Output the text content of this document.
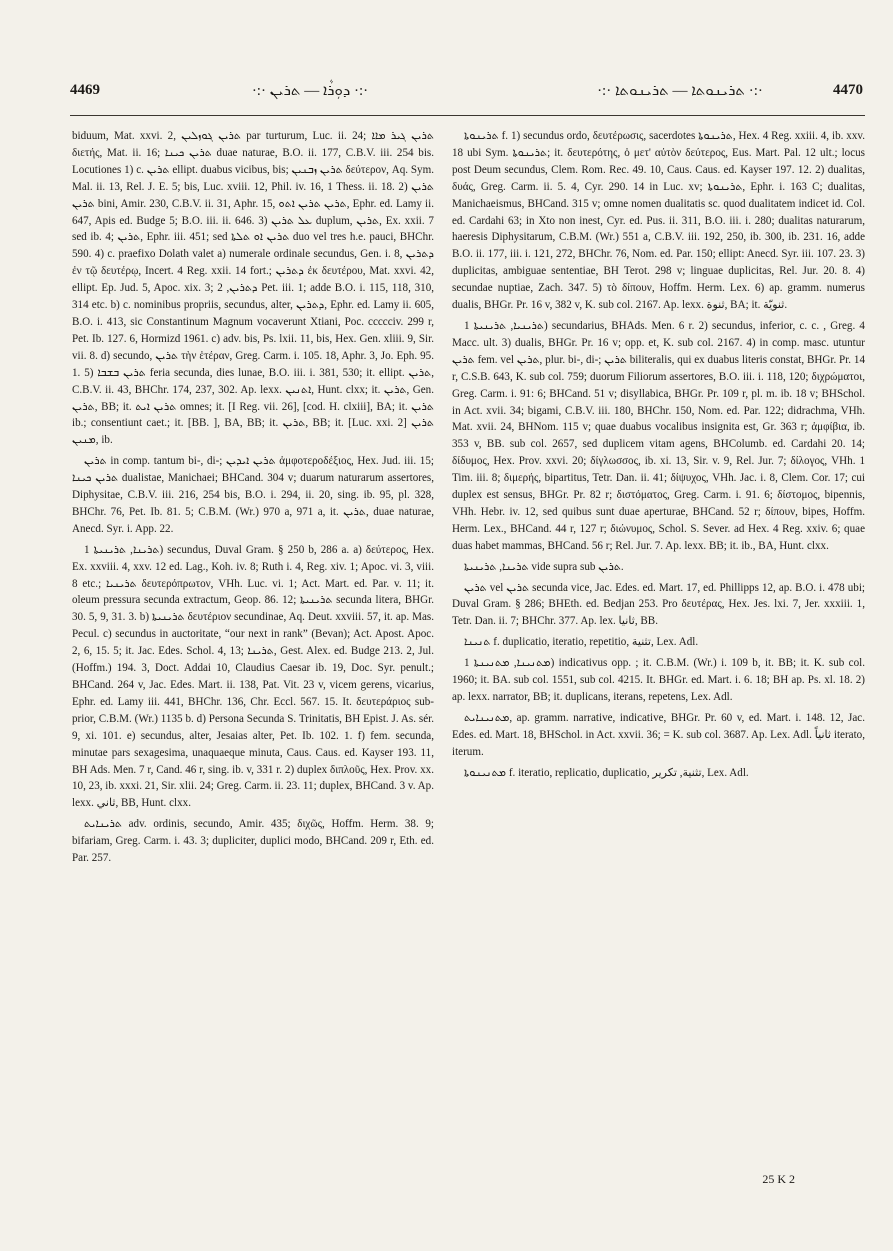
4469	·:· ܕܘܼܪܵܐ — ܬܪܝܢ ·:·	·:· ܬܪܝܢܘܬܐ — ܬܪܝܢܘܬܐ ·:·	4470

biduum, Mat. xxvi. 2, ܬܪܝܢ ܓܘܙܠܝܢ par turturum, Luc. ii. 24; ܬܪܝܢ ܓܝܪ ܡܐܐ διετής, Mat. ii. 16; ܬܪܝܢ ܟܝܢܐ duae naturae, B.O. ii. 177, C.B.V. iii. 254 bis. Locutiones 1) c. ܬܪܝܢ ellipt. duabus vicibus, bis; ܬܪܝܢ ܙܒܢܝܢ δεύτερον, Aq. Sym. Mal. ii. 13, Rel. J. E. 5; bis, Luc. xviii. 12, Phil. iv. 16, 1 Thess. ii. 18. 2) ܬܪܝܢ ܬܪܝܢ bini, Amir. 230, C.B.V. ii. 31, Aphr. 15, ܬܪܝܢ ܬܪܝܢ ܐܬܘ, Ephr. ed. Lamy ii. 647, Apis ed. Budge 5; B.O. iii. ii. 646. 3) ܥܠ ܬܪܝܢ duplum, ܬܪܝܢ, Ex. xxii. 7 sed ib. 4; ܬܪܝܢ, Ephr. iii. 451; sed ܬܪܝܢ ܐܘ ܬܠܬܐ duo vel tres h.e. pauci, BHChr. 590. 4) c. praefixo Dolath valet a) numerale ordinale secundus, Gen. i. 8, ܕܬܪܝܢ ἐν τῷ δευτέρῳ, Incert. 4 Reg. xxii. 14 fort.; ܕܬܪܝܢ ἐκ δευτέρου, Mat. xxvi. 42, ellipt. Ep. Jud. 5, Apoc. xix. 3; ܕܬܪܝܢ, 2 Pet. iii. 1; adde B.O. i. 115, 118, 310, 314 etc. b) c. nominibus propriis, secundus, alter, ܕܬܪܝܢ, Ephr. ed. Lamy ii. 605, B.O. i. 413, sic Constantinum Magnum vocaverunt Xtiani, Poc. ccccciv. 299 r, Pet. Ib. 127. 6, Hormizd 1961. c) adv. bis, Ps. lxii. 11, bis, Hex. Gen. xliii. 9, Sir. vii. 8. d) secundo, ܬܪܝܢ τὴν ἑτέραν, Greg. Carm. i. 105. 18, Aphr. 3, Jo. Eph. 95. 1. 5) ܬܪܝܢ ܒܫܒܐ feria secunda, dies lunae, B.O. iii. i. 381, 530; it. ellipt. ܬܪܝܢ, C.B.V. ii. 43, BHChr. 174, 237, 302. Ap. lexx. ܐܬܢܝܢ, Hunt. clxx; it. ܬܪܝܢ, Gen. ܬܪܝܢ, BB; it. ܬܪܝܢ ܐܝܬ omnes; it. [I Reg. vii. 26], [cod. H. clxiii], BA; it. ܬܪܝܢ ib.; consentiunt caet.; it. [BB. ], BA, BB; it. ܬܪܝܢ, BB; it. [Luc. xxi. 2] ܬܪܝܢ ܡܢܝܢ, ib.

ܬܪܝܢ in comp. tantum bi-, di-; ܬܪܝܢ ܐܝܕܝܢ ἀμφοτεροδέξιος, Hex. Jud. iii. 15; ܬܪܝܢ ܟܝܢܐ dualistae, Manichaei; BHCand. 304 v; duarum naturarum assertores, Diphysitae, C.B.V. iii. 216, 254 bis, B.O. i. 294, ii. 20, sing. ib. 95, pl. 328, BHChr. 76, Pet. Ib. 81. 5; C.B.M. (Wr.) 970 a, 971 a, it. ܬܪܝܢ, duae naturae, Anecd. Syr. i. App. 22.

ܬܪܝܢܐ, ܬܪܝܢܝܬܐ 1) secundus, Duval Gram. § 250 b, 286 a. a) δεύτερος, Hex. Ex. xxviii. 4, xxv. 12 ed. Lag., Koh. iv. 8; Ruth i. 4, Reg. xiv. 1; Apoc. vi. 3, viii. 8 etc.; ܬܪܝܢܝܐ δευτερόπρωτον, VHh. Luc. vi. 1; Act. Mart. ed. Par. v. 11; it. oleum pressura secunda extractum, Geop. 86. 12; ܬܪܝܢܝܬܐ secunda litera, BHGr. 30. 5, 9, 31. 3. b) ܬܪܝܢܝܬܐ δευτέριον secundinae, Aq. Deut. xxviii. 57, it. ap. Mas. Pecul. c) secundus in auctoritate, “our next in rank” (Bevan); Act. Apost. Apoc. 2, 6, 15. 5; it. Jac. Edes. Schol. 4, 13; ܬܪܝܢܐ, Gest. Alex. ed. Budge 213. 2, Jul. (Hoffm.) 194. 3, Doct. Addai 10, Claudius Caesar ib. 19, Doc. Syr. penult.; BHCand. 264 v, Jac. Edes. Mart. ii. 138, Pat. Vit. 23 v, vicem gerens, vicarius, Ephr. ed. Lamy iii. 441, BHChr. 136, Chr. Eccl. 567. 15. It. δευτεράριος sub-prior, C.B.M. (Wr.) 1135 b. d) Persona Secunda S. Trinitatis, BH Epist. J. As. sér. 9, xi. 101. e) secundus, alter, Jesaias alter, Pet. Ib. 102. 1. f) fem. secunda, minutae pars sexagesima, unaquaeque minuta, Caus. Caus. ed. Kayser 193. 11, BH Ads. Men. 7 r, Cand. 46 r, sing. ib. v, 331 r. 2) duplex διπλοῦς, Hex. Prov. xx. 10, 23, ib. xxxi. 21, Sir. xlii. 24; Greg. Carm. ii. 23. 11; duplex, BHCand. 3 v. Ap. lexx. ثاني, BB, Hunt. clxx.

ܬܪܝܢܐܝܬ adv. ordinis, secundo, Amir. 435; διχῶς, Hoffm. Herm. 38. 9; bifariam, Greg. Carm. i. 43. 3; dupliciter, duplici modo, BHCand. 209 r, Eth. ed. Par. 257.

ܬܪܝܢܘܬܐ f. 1) secundus ordo, δευτέρωσις, sacerdotes ܬܪܝܢܘܬܐ, Hex. 4 Reg. xxiii. 4, ib. xxv. 18 ubi Sym. ܬܪܝܢܘܬܐ; it. δευτερότης, ὁ μετ' αὐτὸν δεύτερος, Eus. Mart. Pal. 12 ult.; locus post Deum secundus, Clem. Rom. Rec. 49. 10, Caus. Caus. ed. Kayser 197. 12. 2) dualitas, δυάς, Greg. Carm. ii. 5. 4, Cyr. 290. 14 in Luc. xv; ܬܪܝܢܘܬܐ, Ephr. i. 163 C; dualitas, Manichaeismus, BHCand. 315 v; omne nomen dualitatis sc. quod dualitatem indicet id. Col. ed. Cardahi 63; in Xto non inest, Cyr. ed. Pus. ii. 311, B.O. iii. i. 280; dualitas naturarum, haeresis Diphysitarum, C.B.M. (Wr.) 551 a, C.B.V. iii. 192, 250, ib. 300, ib. 231. 16, adde B.O. ii. 177, iii. i. 121, 272, BHChr. 76, Nom. ed. Par. 150; ellipt: Anecd. Syr. iii. 107. 23. 3) duplicitas, ambiguae sententiae, BH Terot. 298 v; linguae duplicitas, Rel. Jur. 20. 8. 4) secundae nuptiae, Zach. 347. 5) τὸ δίπουν, Hoffm. Herm. Lex. 6) ap. gramm. numerus dualis, BHGr. Pr. 16 v, 382 v, K. sub col. 2167. Ap. lexx. ثنوة, BA; it. ثنويّة.

ܬܪܝܢܝܐ, ܬܪܝܢܝܬܐ 1) secundarius, BHAds. Men. 6 r. 2) secundus, inferior, c. c. , Greg. 4 Macc. ult. 3) dualis, BHGr. Pr. 16 v; opp. et, K. sub col. 2167. 4) in comp. masc. utuntur ܬܪܝܢ fem. vel ܬܪܝܢ, plur. bi-, di-; ܬܪܝܢ biliteralis, qui ex duabus literis constat, BHGr. Pr. 14 r, C.S.B. 643, K. sub col. 759; duorum Filiorum assertores, B.O. iii. i. 118, 120; διχρώματοι, Greg. Carm. i. 91: 6; BHCand. 51 v; disyllabica, BHGr. Pr. 109 r, pl. m. ib. 18 v; BHSchol. in Act. xvii. 34; bigami, C.B.V. iii. 180, BHChr. 150, Nom. ed. Par. 122; didrachma, VHh. Mat. xvii. 24, BHNom. 115 v; quae duabus vocalibus insignita est, Gr. 363 r; ἀμφίβια, ib. 353 v, BB. sub col. 2657, sed duplicem vitam agens, BHColumb. ed. Cardahi 20. 14; δίδυμος, Hex. Prov. xxvi. 20; δίγλωσσος, ib. xi. 13, Sir. v. 9, Rel. Jur. 7; δίλογος, VHh. 1 Tim. iii. 8; διμερής, bipartitus, Tetr. Dan. ii. 41; δίψυχος, VHh. Jac. i. 8, Clem. Cor. 17; cui duplex est sensus, BHGr. Pr. 82 r; διστόματος, Greg. Carm. i. 91. 6; δίστομος, bipennis, VHh. Hebr. iv. 12, sed quibus sunt duae aperturae, BHCand. 52 r; δίπουν, bipes, Hoffm. Herm. Lex., BHCand. 44 r, 127 r; διώνυμος, Schol. S. Sever. ad Hex. 4 Reg. xxiv. 6; quae duas habet mammas, BHCand. 56 r; Rel. Jur. 7. Ap. lexx. BB; it. ib., BA, Hunt. clxx.

ܬܪܝܢܐ, ܬܪܝܢܝܬܐ vide supra sub ܬܪܝܢ.

ܬܪܝܢ vel ܬܪܝܢ secunda vice, Jac. Edes. ed. Mart. 17, ed. Phillipps 12, ap. B.O. i. 478 ubi; Duval Gram. § 286; BHEth. ed. Bedjan 253. Pro δευτέρας, Hex. Jes. lxi. 7, Jer. xxxiii. 1, Tetr. Dan. ii. 7; BHChr. 377. Ap. lex. ثانيا, BB.

ܬܢܝܢܐ f. duplicatio, iteratio, repetitio, تثنية, Lex. Adl.

ܡܬܢܝܢܐ, ܡܬܢܝܢܬܐ 1) indicativus opp. ; it. C.B.M. (Wr.) i. 109 b, it. BB; it. K. sub col. 1960; it. BA. sub col. 1551, sub col. 4215. It. BHGr. ed. Mart. i. 6. 18; BH ap. Ps. xl. 18. 2) ap. lexx. narrator, BB; it. duplicans, iterans, repetens, Lex. Adl.

ܡܬܢܝܢܐܝܬ, ap. gramm. narrative, indicative, BHGr. Pr. 60 v, ed. Mart. i. 148. 12, Jac. Edes. ed. Mart. 18, BHSchol. in Act. xxvii. 36; = K. sub col. 3687. Ap. Lex. Adl. ثانياً iterato, iterum.

ܡܬܢܝܢܘܬܐ f. iteratio, replicatio, duplicatio, تثنية, تكرير, Lex. Adl.

25 K 2
